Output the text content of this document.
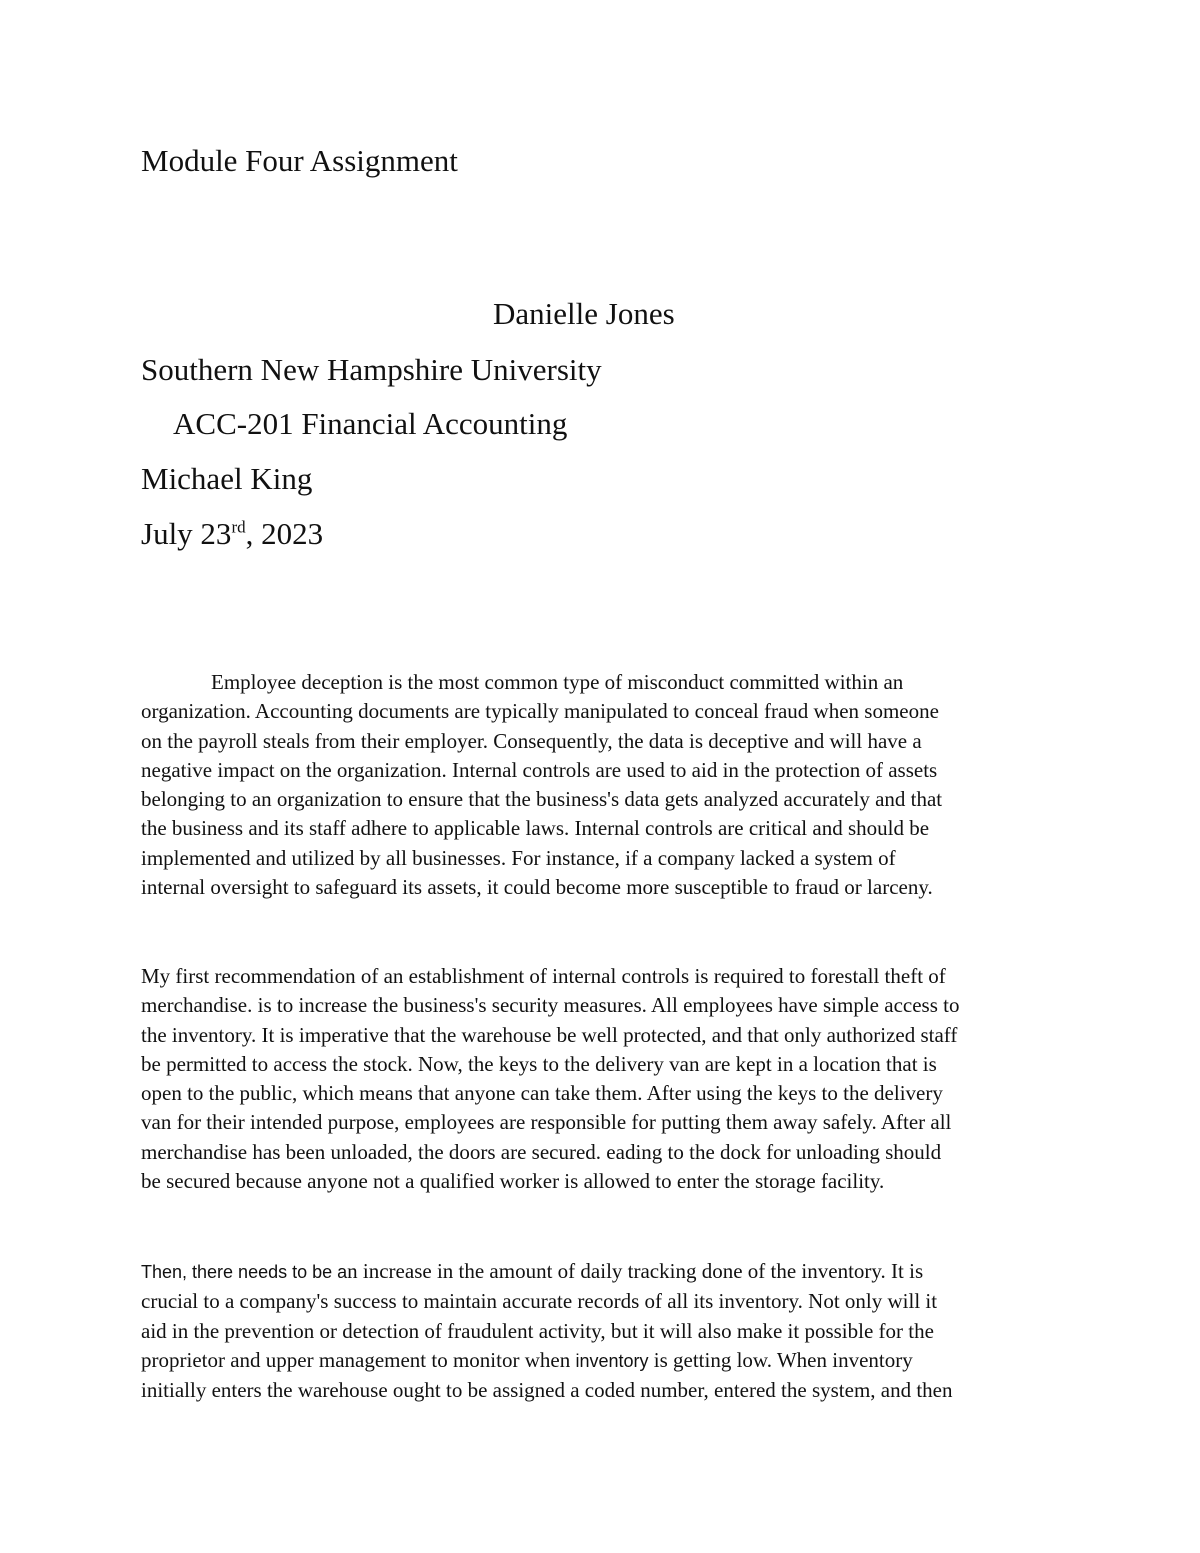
Module Four Assignment
Danielle Jones
Southern New Hampshire University
ACC-201 Financial Accounting
Michael King
July 23rd, 2023
Employee deception is the most common type of misconduct committed within an
organization. Accounting documents are typically manipulated to conceal fraud when someone
on the payroll steals from their employer. Consequently, the data is deceptive and will have a
negative impact on the organization. Internal controls are used to aid in the protection of assets
belonging to an organization to ensure that the business's data gets analyzed accurately and that
the business and its staff adhere to applicable laws. Internal controls are critical and should be
implemented and utilized by all businesses. For instance, if a company lacked a system of
internal oversight to safeguard its assets, it could become more susceptible to fraud or larceny.
My first recommendation of an establishment of internal controls is required to forestall theft of
merchandise. is to increase the business's security measures. All employees have simple access to
the inventory. It is imperative that the warehouse be well protected, and that only authorized staff
be permitted to access the stock. Now, the keys to the delivery van are kept in a location that is
open to the public, which means that anyone can take them. After using the keys to the delivery
van for their intended purpose, employees are responsible for putting them away safely. After all
merchandise has been unloaded, the doors are secured. eading to the dock for unloading should
be secured because anyone not a qualified worker is allowed to enter the storage facility.
Then, there needs to be an increase in the amount of daily tracking done of the inventory. It is
crucial to a company's success to maintain accurate records of all its inventory. Not only will it
aid in the prevention or detection of fraudulent activity, but it will also make it possible for the
proprietor and upper management to monitor when inventory is getting low. When inventory
initially enters the warehouse ought to be assigned a coded number, entered the system, and then
